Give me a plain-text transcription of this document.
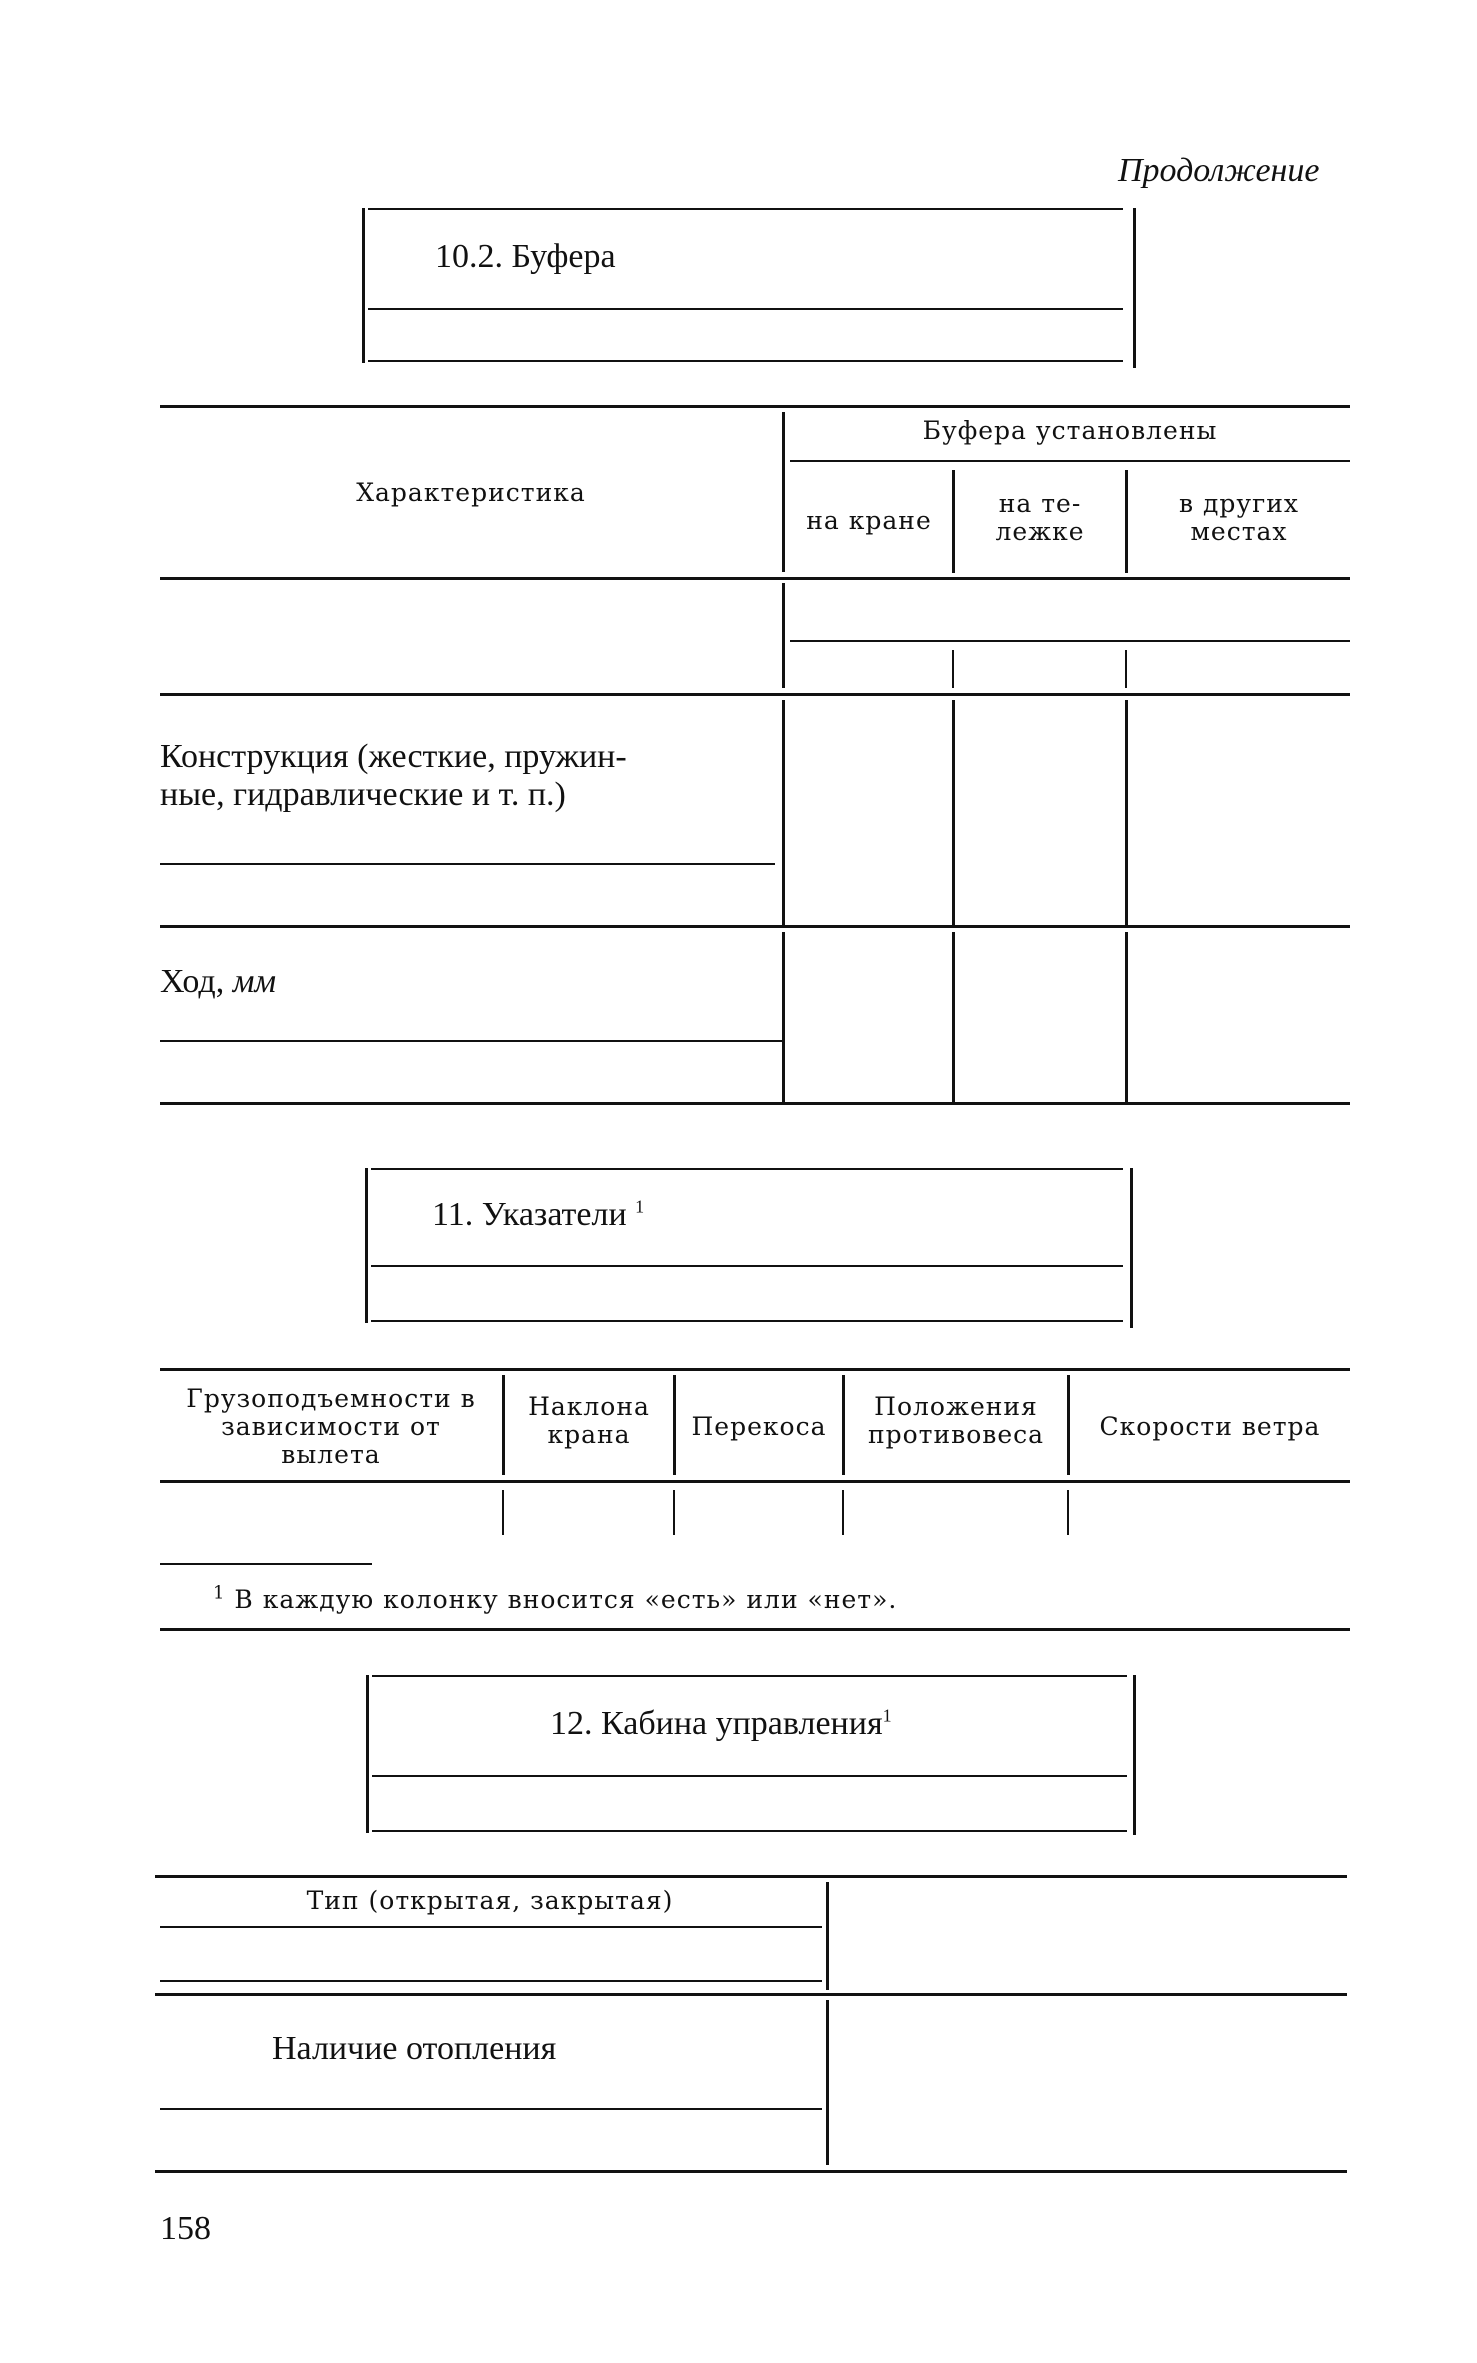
Продолжение
10.2. Буфера
Характеристика
Буфера установлены
на кране
на те-
лежке
в других
местах
Конструкция (жесткие, пружин-
ные, гидравлические и т. п.)
Ход, мм
11. Указатели $^1$
Грузоподъемности в
зависимости от
вылета
Наклона
крана	Перекоса
Положения
противовеса	Скорости ветра
$^1$ В каждую колонку вносится «есть» или «нет».
12. Кабина управления$^1$
Тип (открытая, закрытая)
Наличие отопления
158
